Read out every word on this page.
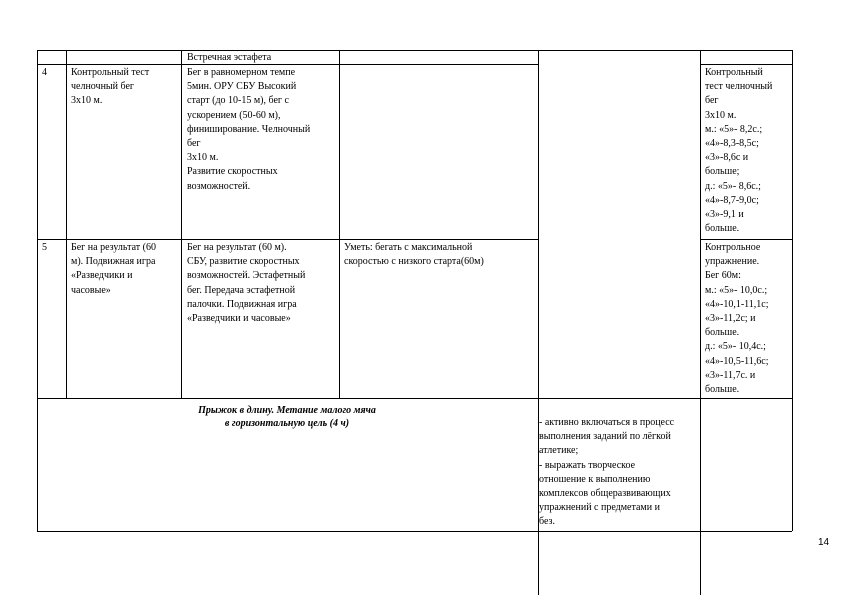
Встречная эстафета
4 Контрольный тест
челночный бег
3х10 м.
Бег в равномерном темпе
5мин. ОРУ СБУ Высокий
старт (до 10-15 м), бег с
ускорением (50-60 м),
финиширование. Челночный
бег
3х10 м.
Развитие скоростных
возможностей.
Контрольный
тест челночный
бег
3х10 м.
м.: «5»- 8,2с.;
«4»-8,3-8,5с;
«3»-8,6с и
больше;
д.: «5»- 8,6с.;
«4»-8,7-9,0с;
«3»-9,1 и
больше.
5 Бег на результат (60
м). Подвижная игра
«Разведчики и
часовые»
Бег на результат (60 м).
СБУ, развитие скоростных
возможностей. Эстафетный
бег. Передача эстафетной
палочки. Подвижная игра
«Разведчики и часовые»
Уметь: бегать с максимальной
скоростью с низкого старта(60м)
Контрольное
упражнение.
Бег 60м:
м.: «5»- 10,0с.;
«4»-10,1-11,1с;
«3»-11,2с; и
больше.
д.: «5»- 10,4с.;
«4»-10,5-11,6с;
«3»-11,7с. и
больше.
Прыжок в длину. Метание малого мяча
в горизонтальную цель (4 ч)	- активно включаться в процесс
выполнения заданий по лёгкой
атлетике;
- выражать творческое
отношение к выполнению
комплексов общеразвивающих
упражнений с предметами и
без.
14
